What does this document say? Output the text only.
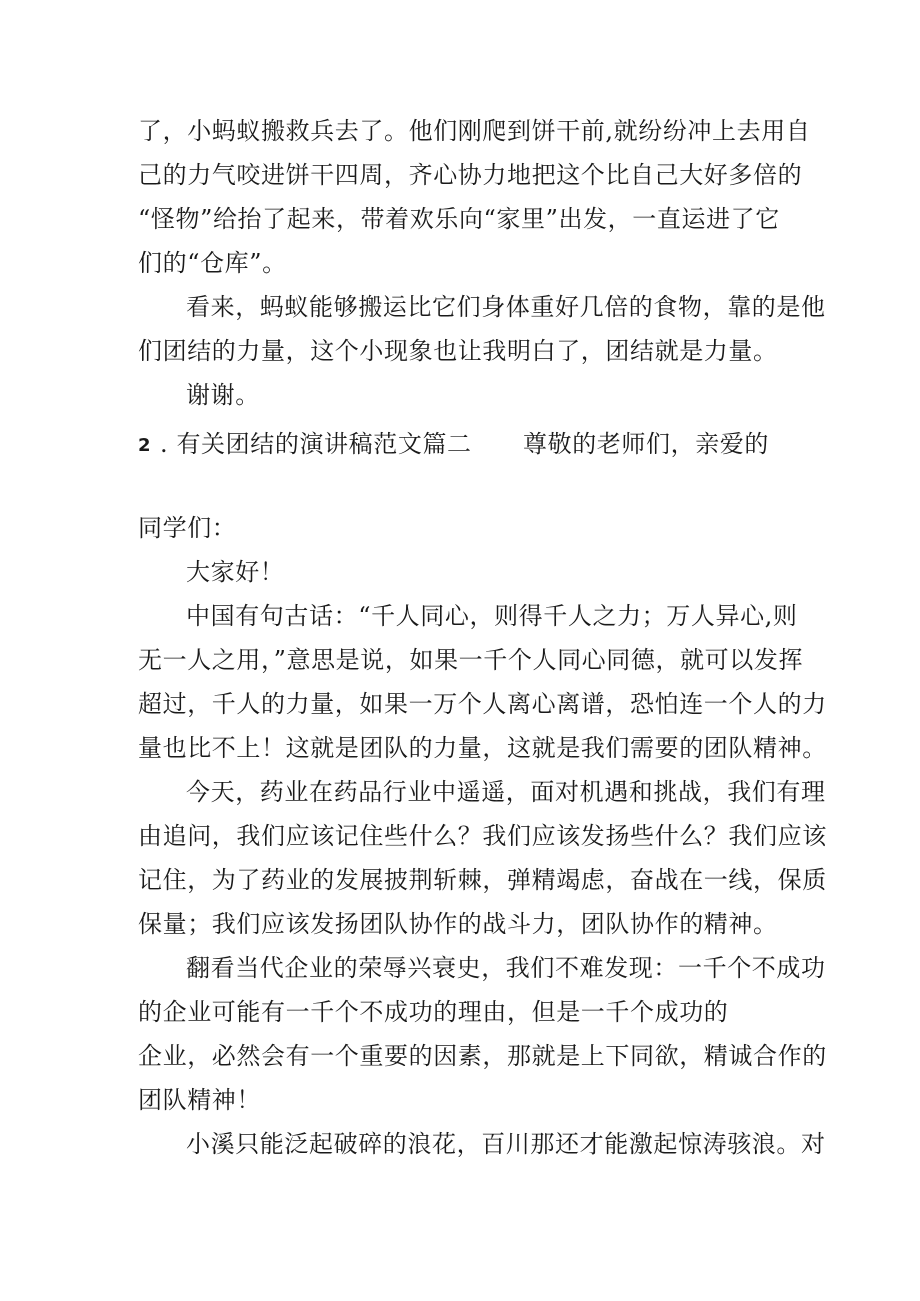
了，小蚂蚁搬救兵去了。他们刚爬到饼干前,就纷纷冲上去用自
己的力气咬进饼干四周，齐心协力地把这个比自己大好多倍的
“怪物”给抬了起来，带着欢乐向“家里”出发，一直运进了它
们的“仓库”。
看来，蚂蚁能够搬运比它们身体重好几倍的食物，靠的是他
们团结的力量，这个小现象也让我明白了，团结就是力量。
谢谢。
2 . 有关团结的演讲稿范文篇二 尊敬的老师们，亲爱的
同学们：
大家好！
中国有句古话：“千人同心，则得千人之力；万人异心,则
无一人之用，”意思是说，如果一千个人同心同德，就可以发挥
超过，千人的力量，如果一万个人离心离谱，恐怕连一个人的力
量也比不上！这就是团队的力量，这就是我们需要的团队精神。
今天，药业在药品行业中遥遥，面对机遇和挑战，我们有理
由追问，我们应该记住些什么？我们应该发扬些什么？我们应该
记住，为了药业的发展披荆斩棘，弹精竭虑，奋战在一线，保质
保量；我们应该发扬团队协作的战斗力，团队协作的精神。
翻看当代企业的荣辱兴衰史，我们不难发现：一千个不成功
的企业可能有一千个不成功的理由，但是一千个成功的
企业，必然会有一个重要的因素，那就是上下同欲，精诚合作的
团队精神！
小溪只能泛起破碎的浪花，百川那还才能激起惊涛骇浪。对
